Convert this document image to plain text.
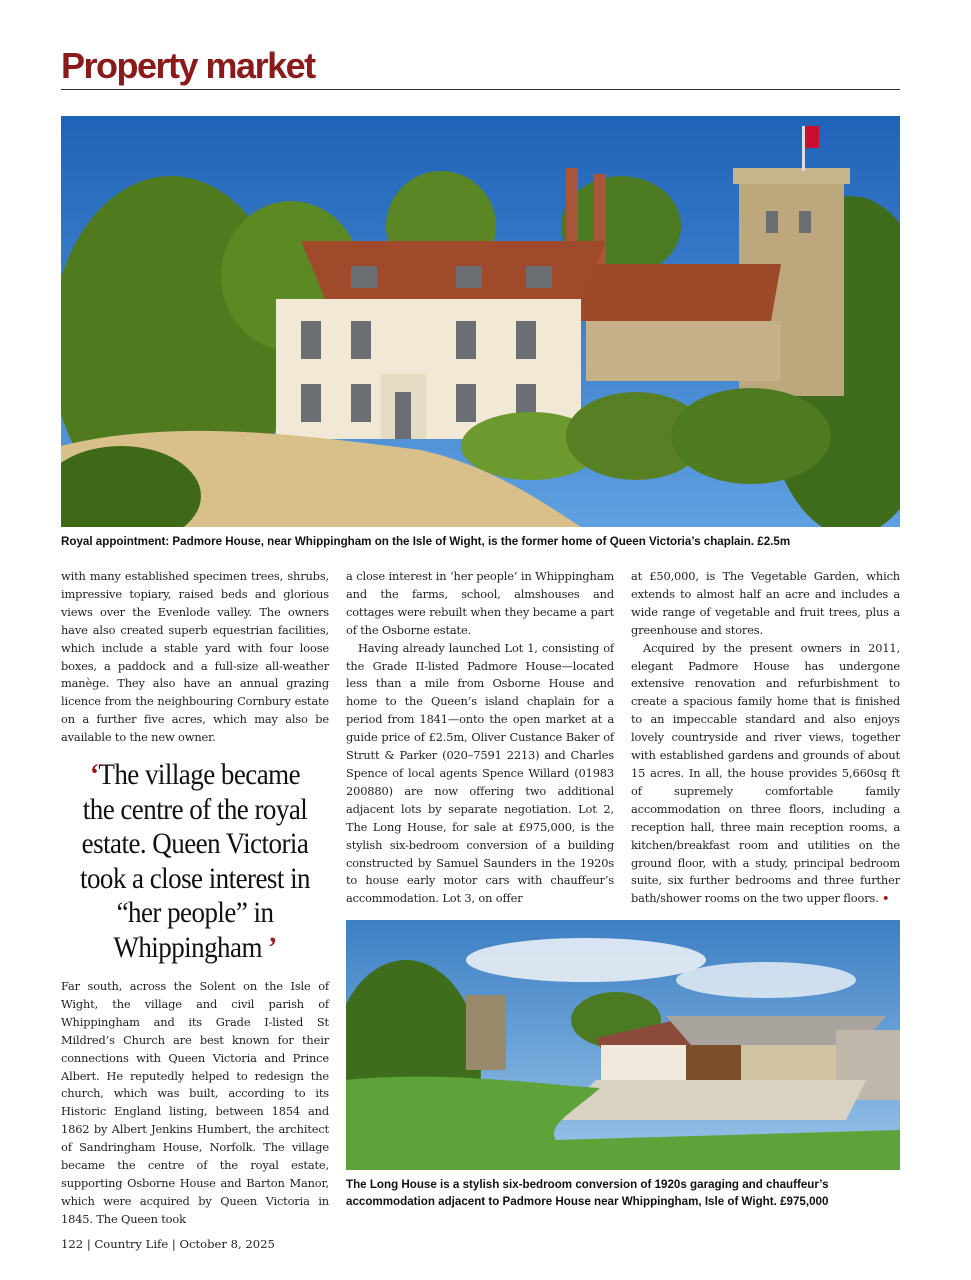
Property market

Royal appointment: Padmore House, near Whippingham on the Isle of Wight, is the former home of Queen Victoria’s chaplain. £2.5m

with many established specimen trees, shrubs, impressive topiary, raised beds and glorious views over the Evenlode valley. The owners have also created superb equestrian facilities, which include a stable yard with four loose boxes, a paddock and a full-size all-weather manège. They also have an annual grazing licence from the neighbouring Cornbury estate on a further five acres, which may also be available to the new owner.

‘The village became the centre of the royal estate. Queen Victoria took a close interest in “her people” in Whippingham ’

Far south, across the Solent on the Isle of Wight, the village and civil parish of Whippingham and its Grade I-listed St Mildred’s Church are best known for their connections with Queen Victoria and Prince Albert. He reputedly helped to redesign the church, which was built, according to its Historic England listing, between 1854 and 1862 by Albert Jenkins Humbert, the architect of Sandringham House, Norfolk. The village became the centre of the royal estate, supporting Osborne House and Barton Manor, which were acquired by Queen Victoria in 1845. The Queen took

a close interest in ‘her people’ in Whippingham and the farms, school, almshouses and cottages were rebuilt when they became a part of the Osborne estate.

Having already launched Lot 1, consisting of the Grade II-listed Padmore House—located less than a mile from Osborne House and home to the Queen’s island chaplain for a period from 1841—onto the open market at a guide price of £2.5m, Oliver Custance Baker of Strutt & Parker (020–7591 2213) and Charles Spence of local agents Spence Willard (01983 200880) are now offering two additional adjacent lots by separate negotiation. Lot 2, The Long House, for sale at £975,000, is the stylish six-bedroom conversion of a building constructed by Samuel Saunders in the 1920s to house early motor cars with chauffeur’s accommodation. Lot 3, on offer

at £50,000, is The Vegetable Garden, which extends to almost half an acre and includes a wide range of vegetable and fruit trees, plus a greenhouse and stores.

Acquired by the present owners in 2011, elegant Padmore House has undergone extensive renovation and refurbishment to create a spacious family home that is finished to an impeccable standard and also enjoys lovely countryside and river views, together with established gardens and grounds of about 15 acres. In all, the house provides 5,660sq ft of supremely comfortable family accommodation on three floors, including a reception hall, three main reception rooms, a kitchen/breakfast room and utilities on the ground floor, with a study, principal bedroom suite, six further bedrooms and three further bath/shower rooms on the two upper floors. •

The Long House is a stylish six-bedroom conversion of 1920s garaging and chauffeur’s accommodation adjacent to Padmore House near Whippingham, Isle of Wight. £975,000

122 | Country Life | October 8, 2025
